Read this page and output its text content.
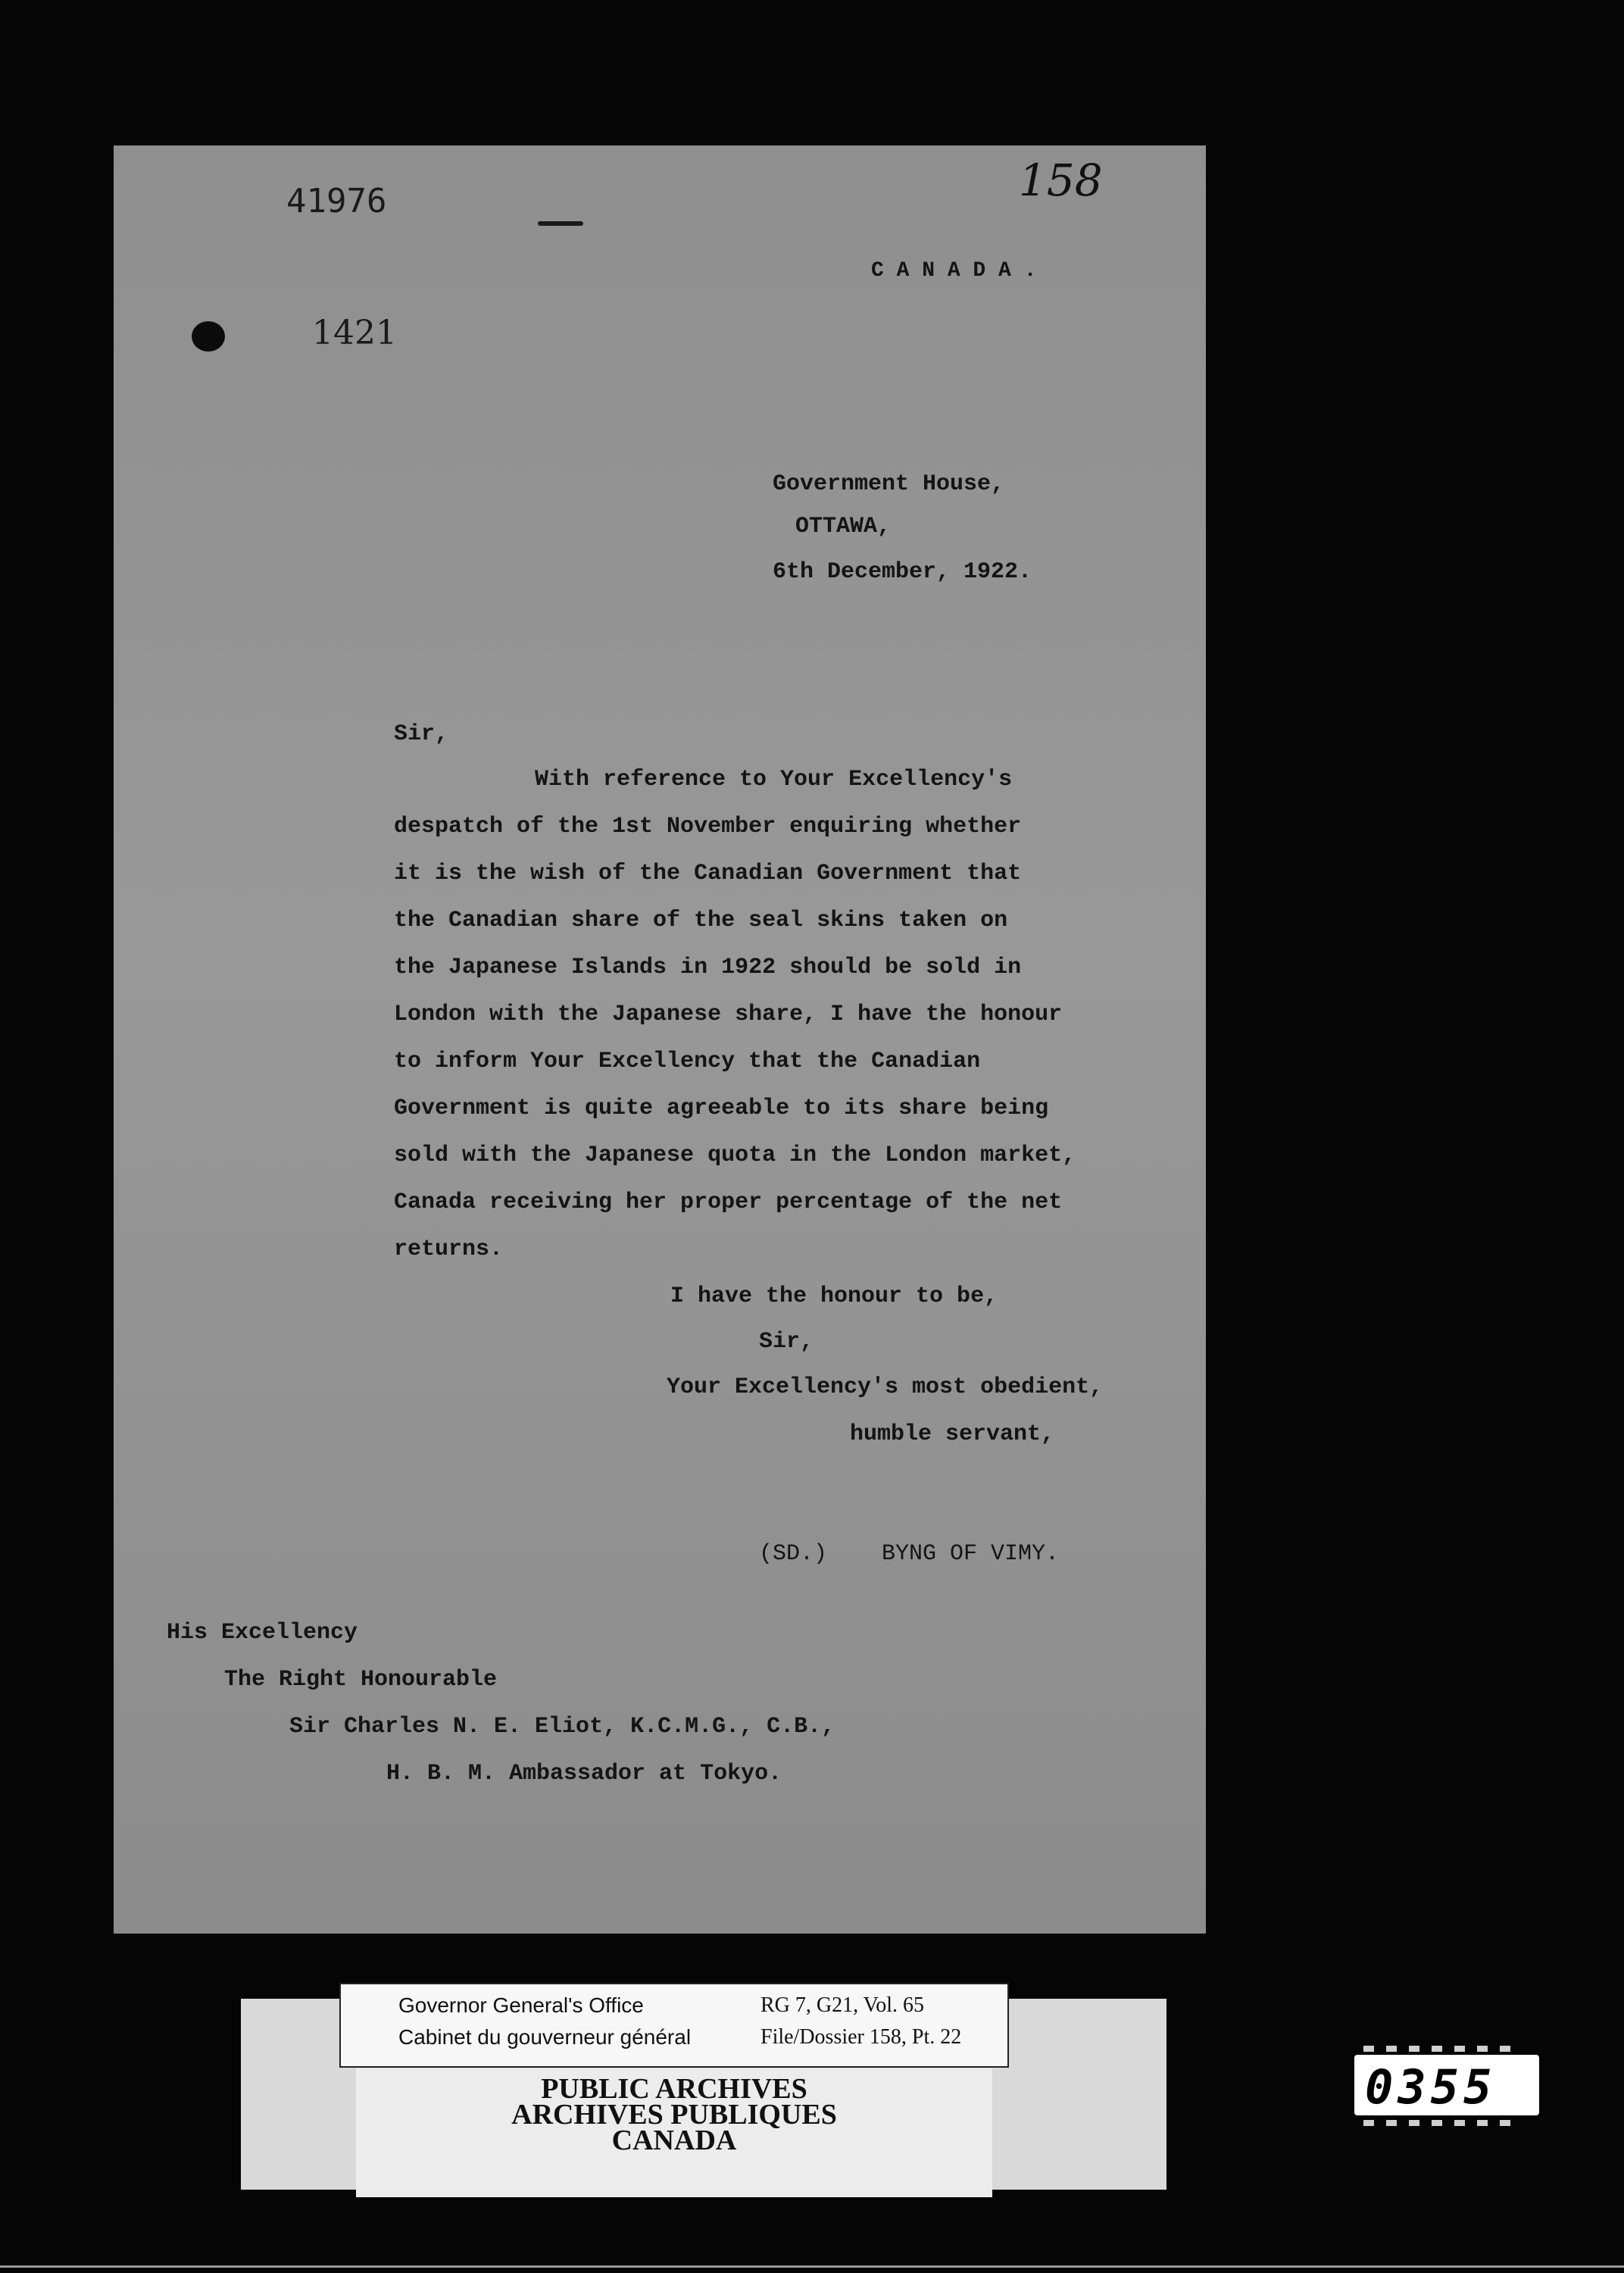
41976	158
C A N A D A .
1421
Government House,
OTTAWA,
6th December, 1922.
Sir,
With reference to Your Excellency's
despatch of the 1st November enquiring whether
it is the wish of the Canadian Government that
the Canadian share of the seal skins taken on
the Japanese Islands in 1922 should be sold in
London with the Japanese share, I have the honour
to inform Your Excellency that the Canadian
Government is quite agreeable to its share being
sold with the Japanese quota in the London market,
Canada receiving her proper percentage of the net
returns.
I have the honour to be,
Sir,
Your Excellency's most obedient,
humble servant,
(SD.)    BYNG OF VIMY.
His Excellency
The Right Honourable
Sir Charles N. E. Eliot, K.C.M.G., C.B.,
H. B. M. Ambassador at Tokyo.
Governor General's Office
Cabinet du gouverneur général
RG 7, G21, Vol. 65
File/Dossier 158, Pt. 22
PUBLIC ARCHIVES
ARCHIVES PUBLIQUES
CANADA
0355
